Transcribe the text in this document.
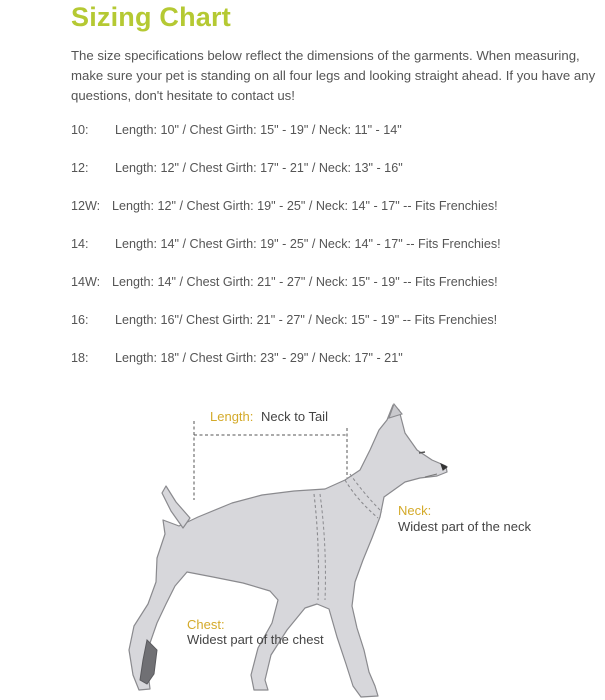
Sizing Chart

The size specifications below reflect the dimensions of the garments. When measuring, make sure your pet is standing on all four legs and looking straight ahead. If you have any questions, don't hesitate to contact us!

10: Length: 10" / Chest Girth: 15" - 19" / Neck: 11" - 14"
12: Length: 12" / Chest Girth: 17" - 21" / Neck: 13" - 16"
12W: Length: 12" / Chest Girth: 19" - 25" / Neck: 14" - 17" -- Fits Frenchies!
14: Length: 14" / Chest Girth: 19" - 25" / Neck: 14" - 17" -- Fits Frenchies!
14W: Length: 14" / Chest Girth: 21" - 27" / Neck: 15" - 19" -- Fits Frenchies!
16: Length: 16"/ Chest Girth: 21" - 27" / Neck: 15" - 19" -- Fits Frenchies!
18: Length: 18" / Chest Girth: 23" - 29" / Neck: 17" - 21"
Length: Neck to Tail
Neck:
Widest part of the neck
Chest:
Widest part of the chest
